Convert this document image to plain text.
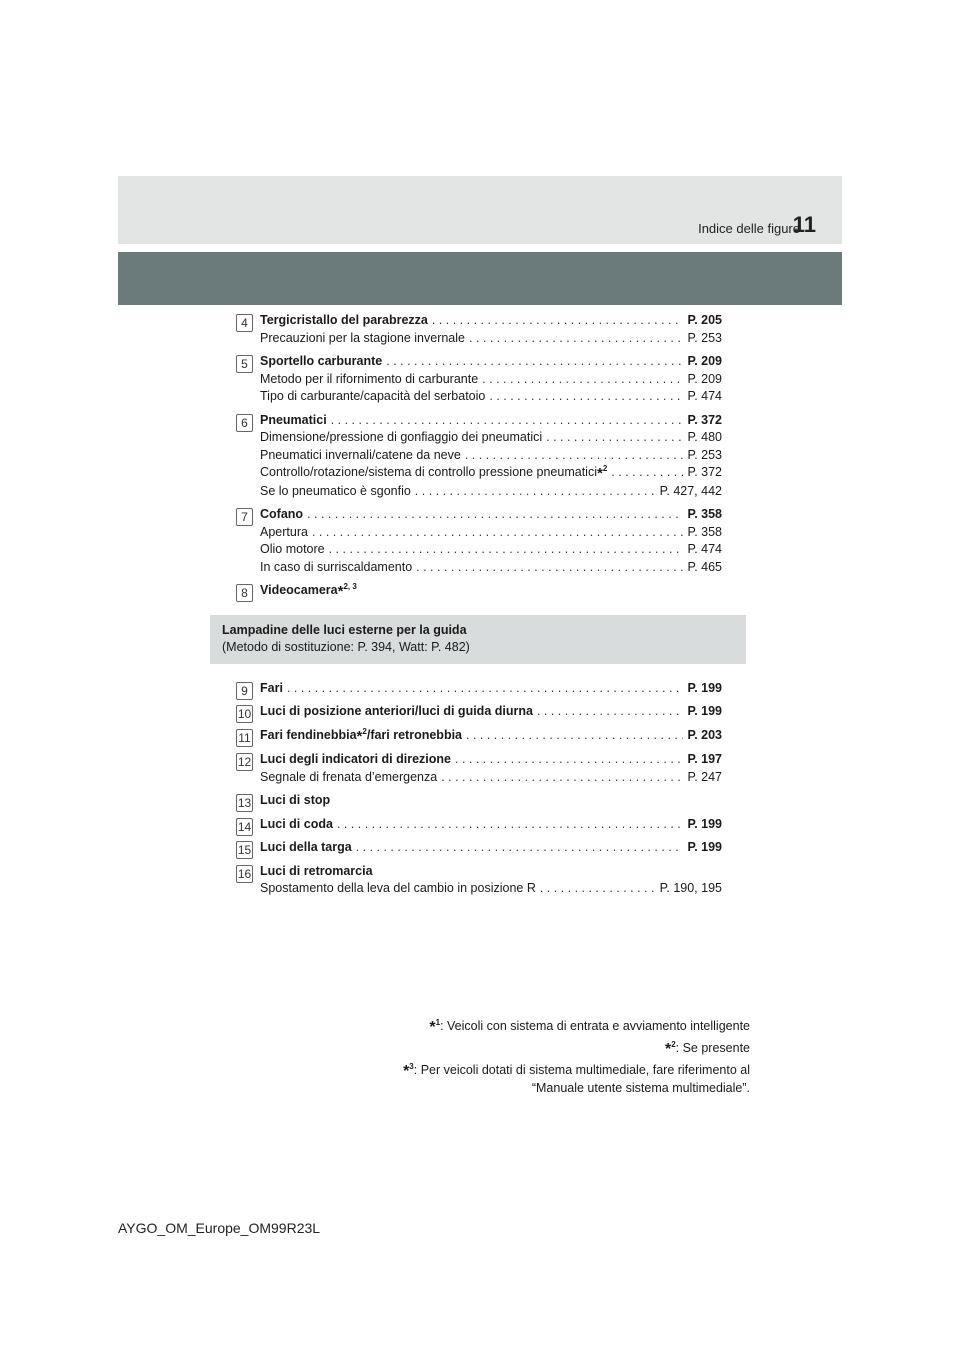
Indice delle figure
11
4 Tergicristallo del parabrezza . . .	P. 205
Precauzioni per la stagione invernale . . .	P. 253
5 Sportello carburante . . .	P. 209
Metodo per il rifornimento di carburante . . .	P. 209
Tipo di carburante/capacità del serbatoio . . .	P. 474
6 Pneumatici . . .	P. 372
Dimensione/pressione di gonfiaggio dei pneumatici . . .	P. 480
Pneumatici invernali/catene da neve . . .	P. 253
Controllo/rotazione/sistema di controllo pressione pneumatici*$^2$ . . .	P. 372
Se lo pneumatico è sgonfio . . .	P. 427, 442
7 Cofano . . .	P. 358
Apertura . . .	P. 358
Olio motore . . .	P. 474
In caso di surriscaldamento . . .	P. 465
8 Videocamera*$^{2, 3}$
Lampadine delle luci esterne per la guida
(Metodo di sostituzione: P. 394, Watt: P. 482)
9 Fari . . .	P. 199
10 Luci di posizione anteriori/luci di guida diurna . . .	P. 199
11 Fari fendinebbia*$^2$/fari retronebbia . . .	P. 203
12 Luci degli indicatori di direzione . . .	P. 197
Segnale di frenata d’emergenza . . .	P. 247
13 Luci di stop
14 Luci di coda . . .	P. 199
15 Luci della targa . . .	P. 199
16 Luci di retromarcia
Spostamento della leva del cambio in posizione R . . .	P. 190, 195
*$^1$: Veicoli con sistema di entrata e avviamento intelligente
*$^2$: Se presente
*$^3$: Per veicoli dotati di sistema multimediale, fare riferimento al
“Manuale utente sistema multimediale”.
AYGO_OM_Europe_OM99R23L
